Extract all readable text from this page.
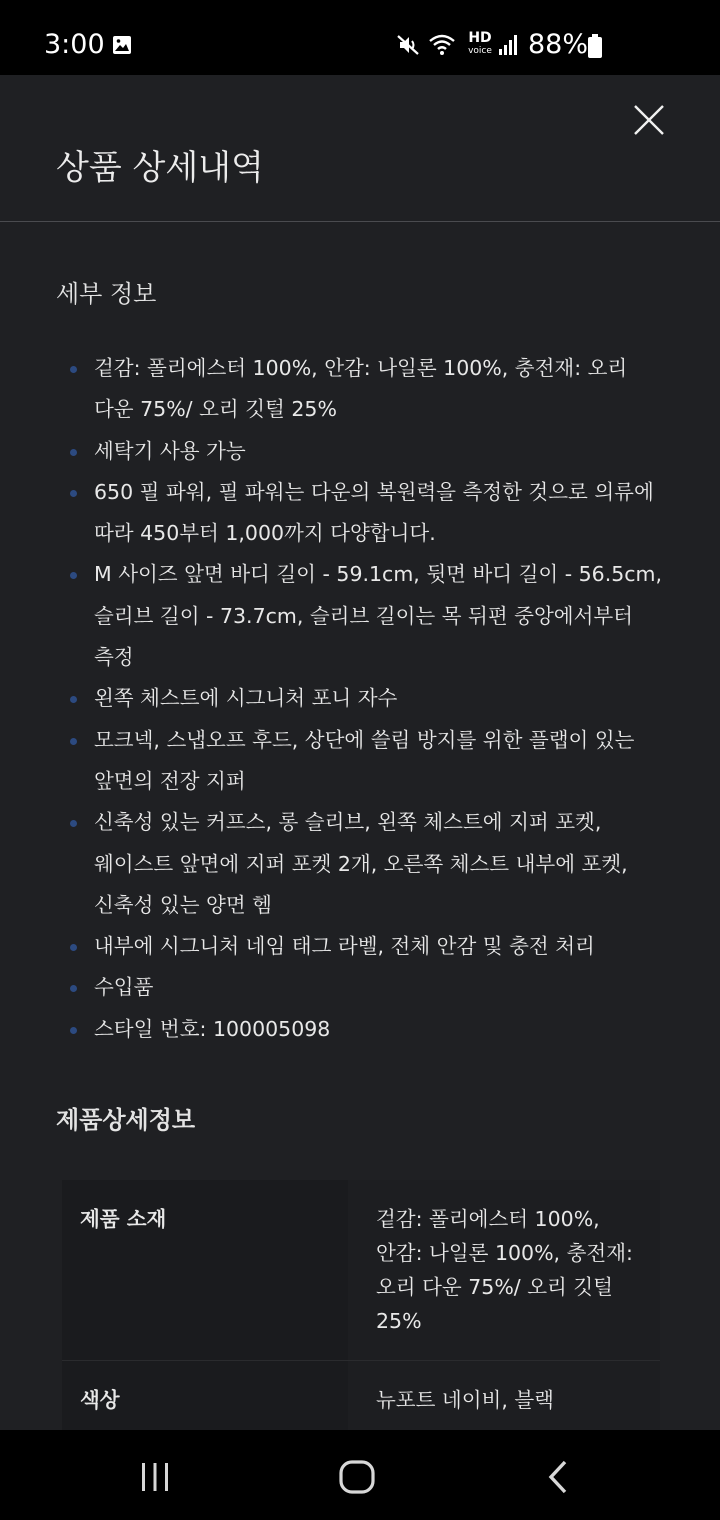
3:00	HD
voice 88%
상품 상세내역
세부 정보
겉감: 폴리에스터 100%, 안감: 나일론 100%, 충전재: 오리 다운 75%/ 오리 깃털 25%
세탁기 사용 가능
650 필 파워, 필 파워는 다운의 복원력을 측정한 것으로 의류에 따라 450부터 1,000까지 다양합니다.
M 사이즈 앞면 바디 길이 - 59.1cm, 뒷면 바디 길이 - 56.5cm, 슬리브 길이 - 73.7cm, 슬리브 길이는 목 뒤편 중앙에서부터 측정
왼쪽 체스트에 시그니처 포니 자수
모크넥, 스냅오프 후드, 상단에 쓸림 방지를 위한 플랩이 있는 앞면의 전장 지퍼
신축성 있는 커프스, 롱 슬리브, 왼쪽 체스트에 지퍼 포켓, 웨이스트 앞면에 지퍼 포켓 2개, 오른쪽 체스트 내부에 포켓, 신축성 있는 양면 헴
내부에 시그니처 네임 태그 라벨, 전체 안감 및 충전 처리
수입품
스타일 번호: 100005098
제품상세정보
제품 소재	겉감: 폴리에스터 100%, 안감: 나일론 100%, 충전재: 오리 다운 75%/ 오리 깃털 25%
색상	뉴포트 네이비, 블랙
